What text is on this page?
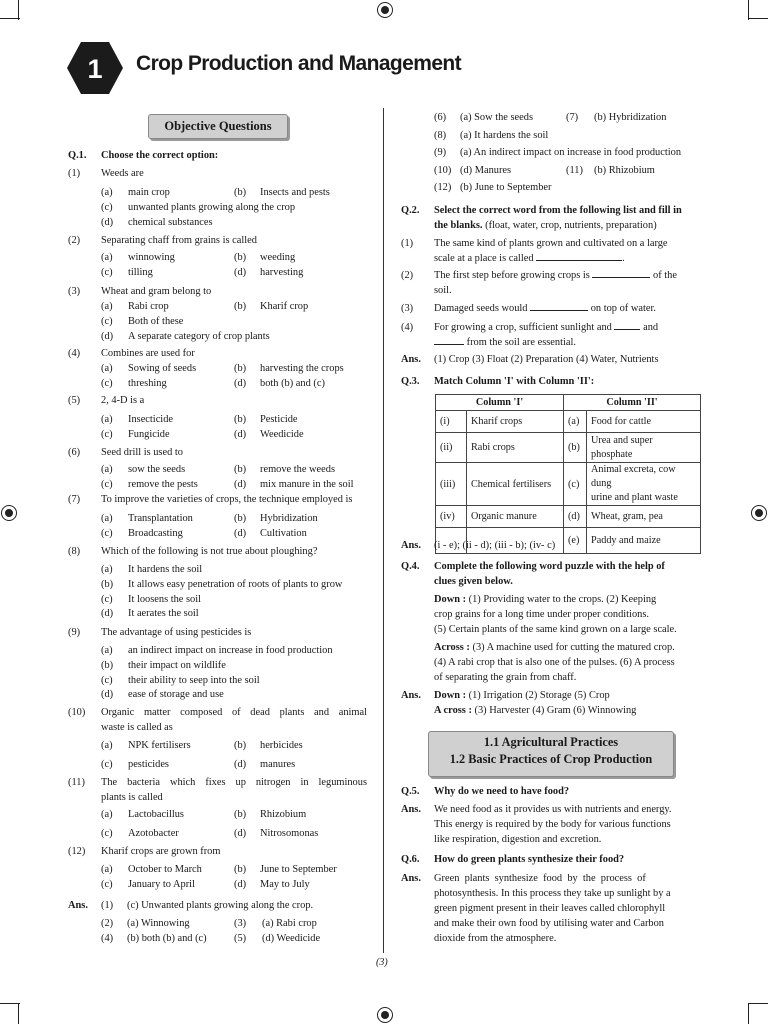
1 Crop Production and Management
Objective Questions
Q.1. Choose the correct option:
(1) Weeds are
(a) main crop	(b) Insects and pests
(c) unwanted plants growing along the crop
(d) chemical substances
(2) Separating chaff from grains is called
(a) winnowing	(b) weeding
(c) tilling	(d) harvesting
(3) Wheat and gram belong to
(a) Rabi crop	(b) Kharif crop
(c) Both of these
(d) A separate category of crop plants
(4) Combines are used for
(a) Sowing of seeds	(b) harvesting the crops
(c) threshing	(d) both (b) and (c)
(5) 2, 4-D is a
(a) Insecticide	(b) Pesticide
(c) Fungicide	(d) Weedicide
(6) Seed drill is used to
(a) sow the seeds	(b) remove the weeds
(c) remove the pests	(d) mix manure in the soil
(7) To improve the varieties of crops, the technique employed is
(a) Transplantation	(b) Hybridization
(c) Broadcasting	(d) Cultivation
(8) Which of the following is not true about ploughing?
(a) It hardens the soil
(b) It allows easy penetration of roots of plants to grow
(c) It loosens the soil
(d) It aerates the soil
(9) The advantage of using pesticides is
(a) an indirect impact on increase in food production
(b) their impact on wildlife
(c) their ability to seep into the soil
(d) ease of storage and use
(10) Organic matter composed of dead plants and animal
waste is called as
(a) NPK fertilisers	(b) herbicides
(c) pesticides	(d) manures
(11) The bacteria which fixes up nitrogen in leguminous
plants is called
(a) Lactobacillus	(b) Rhizobium
(c) Azotobacter	(d) Nitrosomonas
(12) Kharif crops are grown from
(a) October to March	(b) June to September
(c) January to April	(d) May to July
Ans. (1) (c) Unwanted plants growing along the crop.
(2) (a) Winnowing	(3) (a) Rabi crop
(4) (b) both (b) and (c)	(5) (d) Weedicide
(6) (a) Sow the seeds	(7) (b) Hybridization
(8) (a) It hardens the soil
(9) (a) An indirect impact on increase in food production
(10) (d) Manures	(11) (b) Rhizobium
(12) (b) June to September
Q.2. Select the correct word from the following list and fill in
the blanks. (float, water, crop, nutrients, preparation)
(1) The same kind of plants grown and cultivated on a large
scale at a place is called	.
(2) The first step before growing crops is	of the
soil.
(3) Damaged seeds would	on top of water.
(4) For growing a crop, sufficient sunlight and	and
from the soil are essential.
Ans. (1) Crop (3) Float (2) Preparation (4) Water, Nutrients
Q.3. Match Column 'I' with Column 'II':
Column 'I'		Column 'II'	
(i)	Kharif crops	(a)	Food for cattle

(ii)	Rabi crops	(b)	Urea and super
phosphate

(iii)	Chemical fertilisers	(c)	Animal excreta, cow dung
urine and plant waste

(iv)	Organic manure	(d)	Wheat, gram, pea

		(e)	Paddy and maize
Ans. (i - e); (ii - d); (iii - b); (iv- c)
Q.4. Complete the following word puzzle with the help of
clues given below.
Down : (1) Providing water to the crops. (2) Keeping
crop grains for a long time under proper conditions.
(5) Certain plants of the same kind grown on a large scale.
Across : (3) A machine used for cutting the matured crop.
(4) A rabi crop that is also one of the pulses. (6) A process
of separating the grain from chaff.
Ans. Down : (1) Irrigation (2) Storage (5) Crop
A cross : (3) Harvester (4) Gram (6) Winnowing
1.1 Agricultural Practices
1.2 Basic Practices of Crop Production
Q.5. Why do we need to have food?
Ans. We need food as it provides us with nutrients and energy.
This energy is required by the body for various functions
like respiration, digestion and excretion.
Q.6. How do green plants synthesize their food?
Ans. Green  plants  synthesize  food  by  the  process  of
photosynthesis. In this process they take up sunlight by a
green pigment present in their leaves called chlorophyll
and make their own food by utilising water and Carbon
dioxide from the atmosphere.
(3)
